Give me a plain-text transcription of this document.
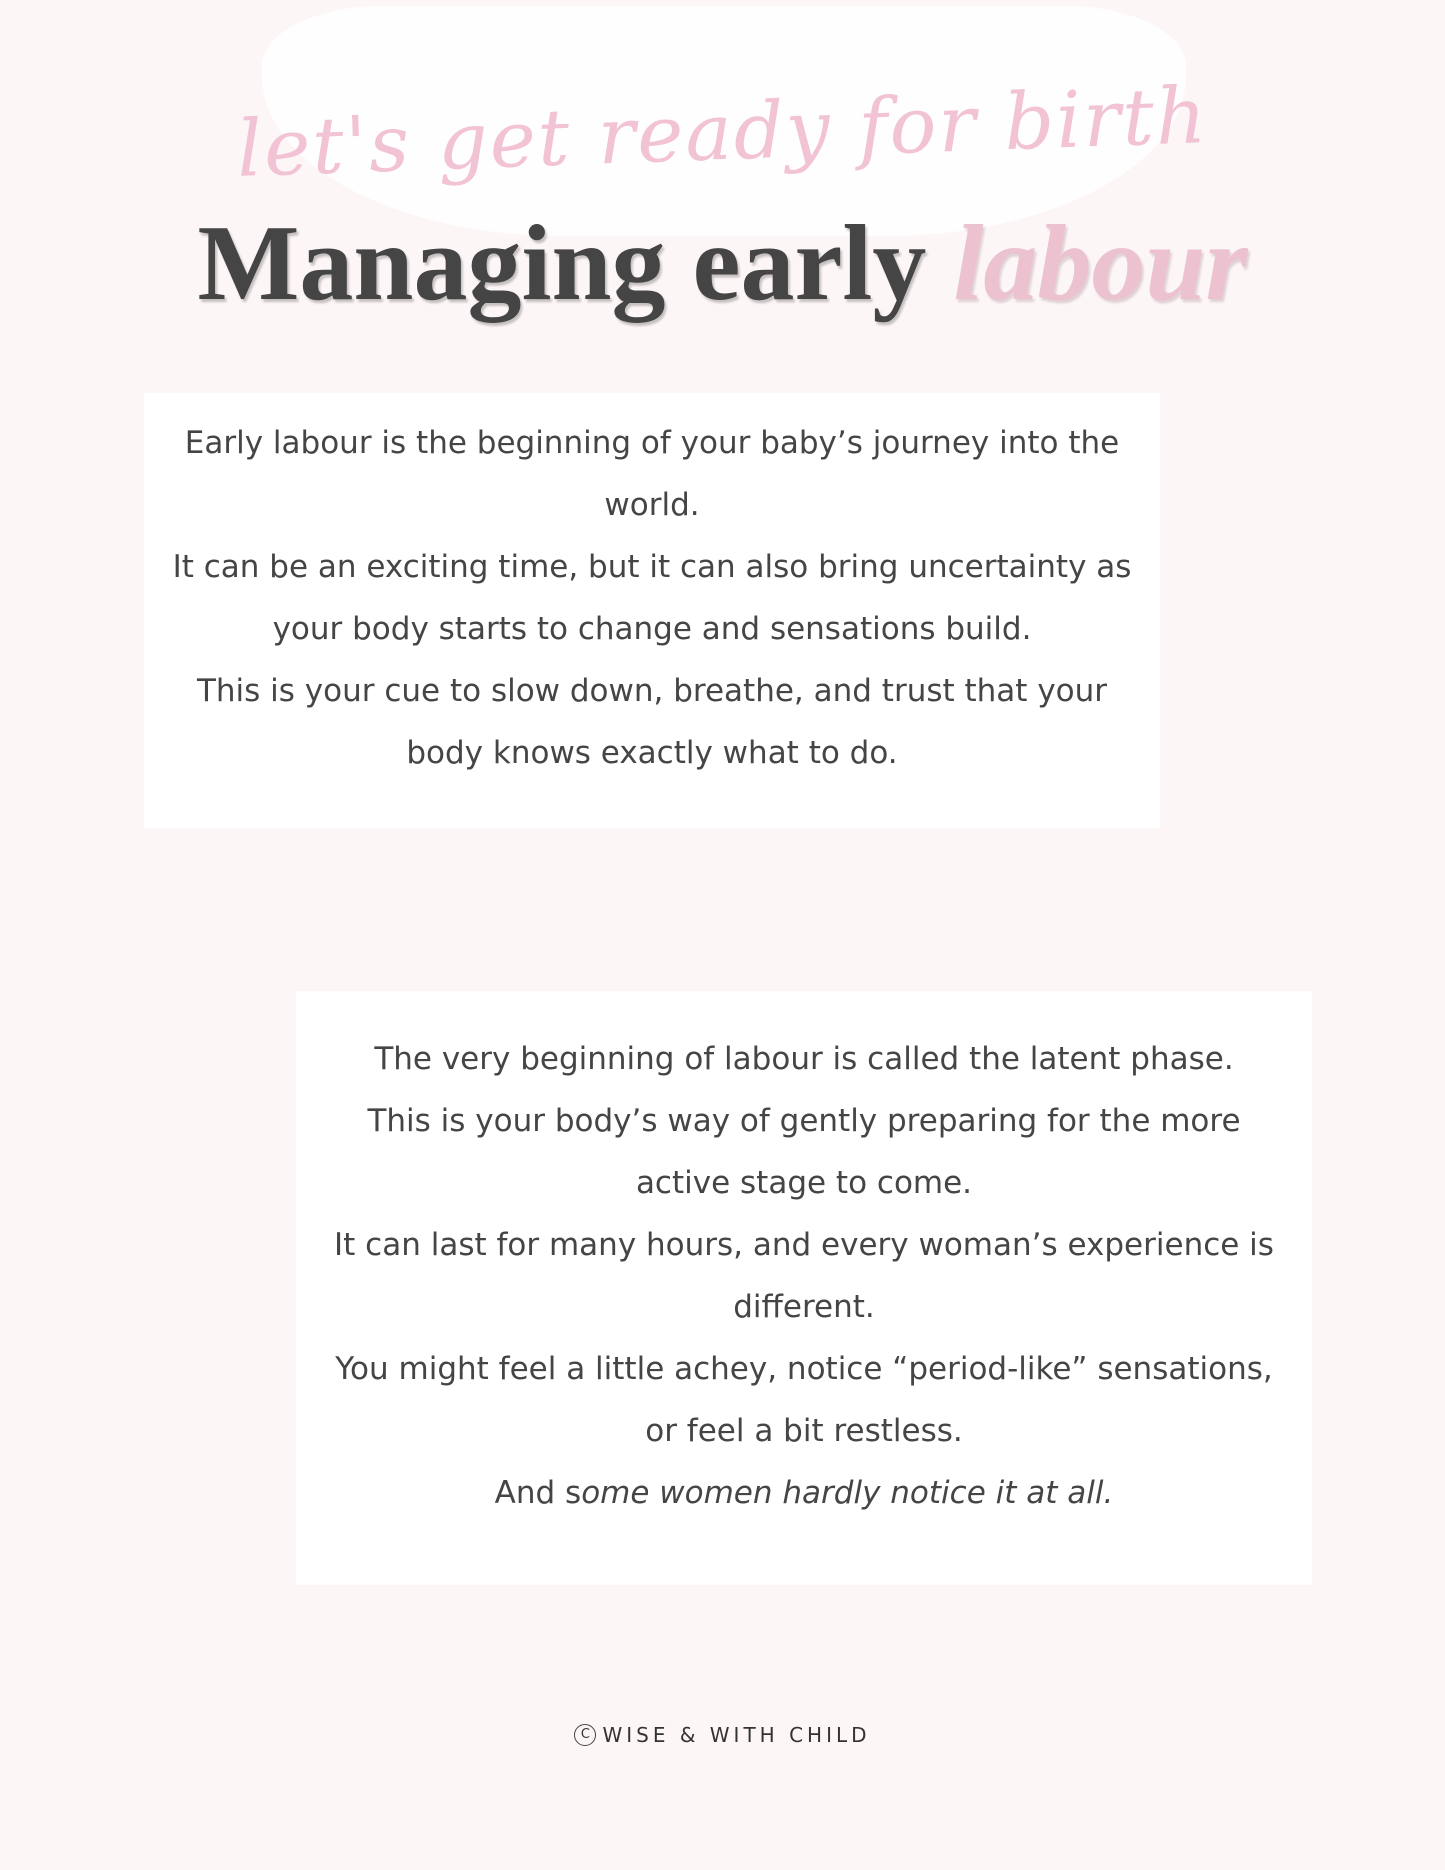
let's get ready for birth
Managing early labour

Early labour is the beginning of your baby’s journey into the world.

It can be an exciting time, but it can also bring uncertainty as your body starts to change and sensations build.

This is your cue to slow down, breathe, and trust that your body knows exactly what to do.

The very beginning of labour is called the latent phase.

This is your body’s way of gently preparing for the more active stage to come.

It can last for many hours, and every woman’s experience is different.

You might feel a little achey, notice “period-like” sensations, or feel a bit restless.

And some women hardly notice it at all.

C WISE & WITH CHILD
